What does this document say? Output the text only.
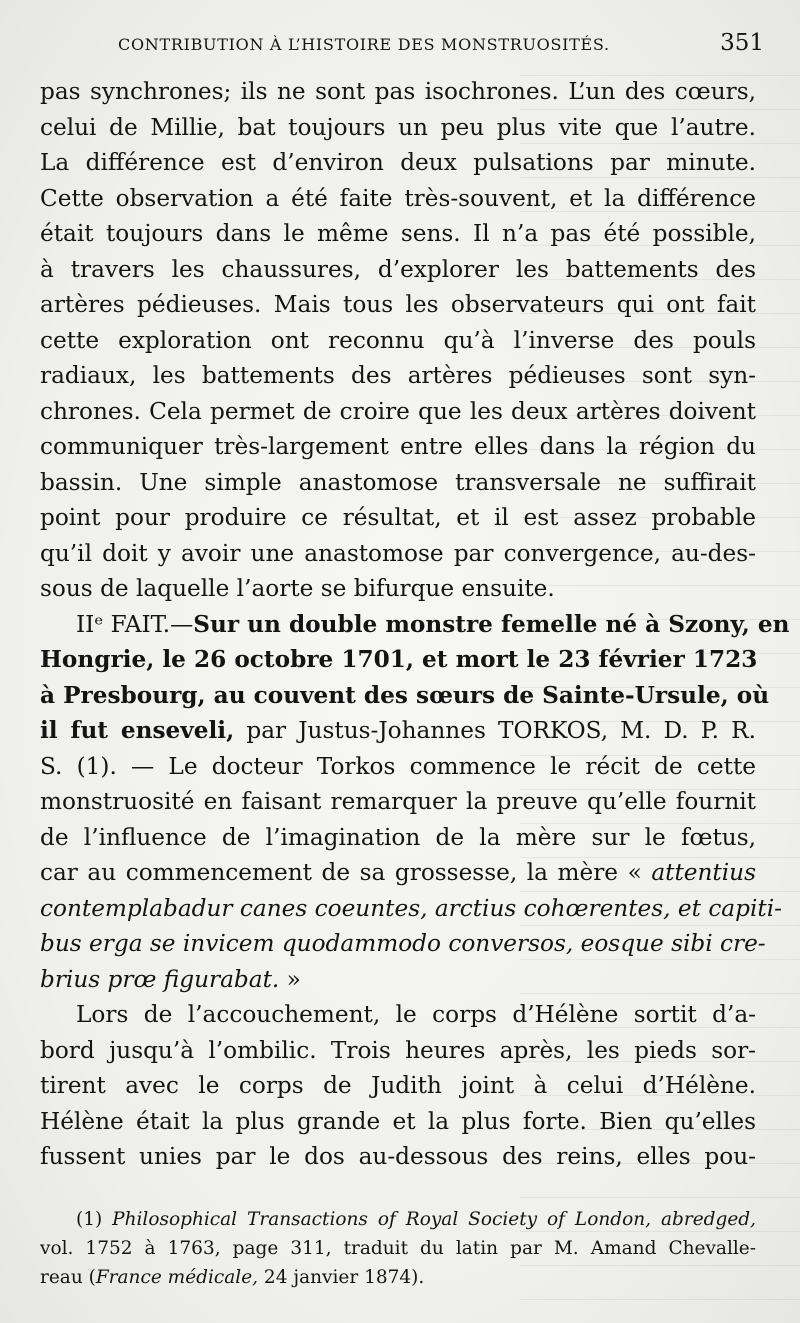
CONTRIBUTION À L’HISTOIRE DES MONSTRUOSITÉS.	351
pas synchrones; ils ne sont pas isochrones. L’un des cœurs,
celui de Millie, bat toujours un peu plus vite que l’autre.
La différence est d’environ deux pulsations par minute.
Cette observation a été faite très-souvent, et la différence
était toujours dans le même sens. Il n’a pas été possible,
à travers les chaussures, d’explorer les battements des
artères pédieuses. Mais tous les observateurs qui ont fait
cette exploration ont reconnu qu’à l’inverse des pouls
radiaux, les battements des artères pédieuses sont syn-
chrones. Cela permet de croire que les deux artères doivent
communiquer très-largement entre elles dans la région du
bassin. Une simple anastomose transversale ne suffirait
point pour produire ce résultat, et il est assez probable
qu’il doit y avoir une anastomose par convergence, au-des-
sous de laquelle l’aorte se bifurque ensuite.
IIᵉ FAIT.—Sur un double monstre femelle né à Szony, en
Hongrie, le 26 octobre 1701, et mort le 23 février 1723
à Presbourg, au couvent des sœurs de Sainte-Ursule, où
il fut enseveli, par Justus-Johannes TORKOS, M. D. P. R.
S. (1). — Le docteur Torkos commence le récit de cette
monstruosité en faisant remarquer la preuve qu’elle fournit
de l’influence de l’imagination de la mère sur le fœtus,
car au commencement de sa grossesse, la mère « attentius
contemplabadur canes coeuntes, arctius cohœrentes, et capiti-
bus erga se invicem quodammodo conversos, eosque sibi cre-
brius prœ figurabat. »
Lors de l’accouchement, le corps d’Hélène sortit d’a-
bord jusqu’à l’ombilic. Trois heures après, les pieds sor-
tirent avec le corps de Judith joint à celui d’Hélène.
Hélène était la plus grande et la plus forte. Bien qu’elles
fussent unies par le dos au-dessous des reins, elles pou-
(1) Philosophical Transactions of Royal Society of London, abredged,
vol. 1752 à 1763, page 311, traduit du latin par M. Amand Chevalle-
reau (France médicale, 24 janvier 1874).
